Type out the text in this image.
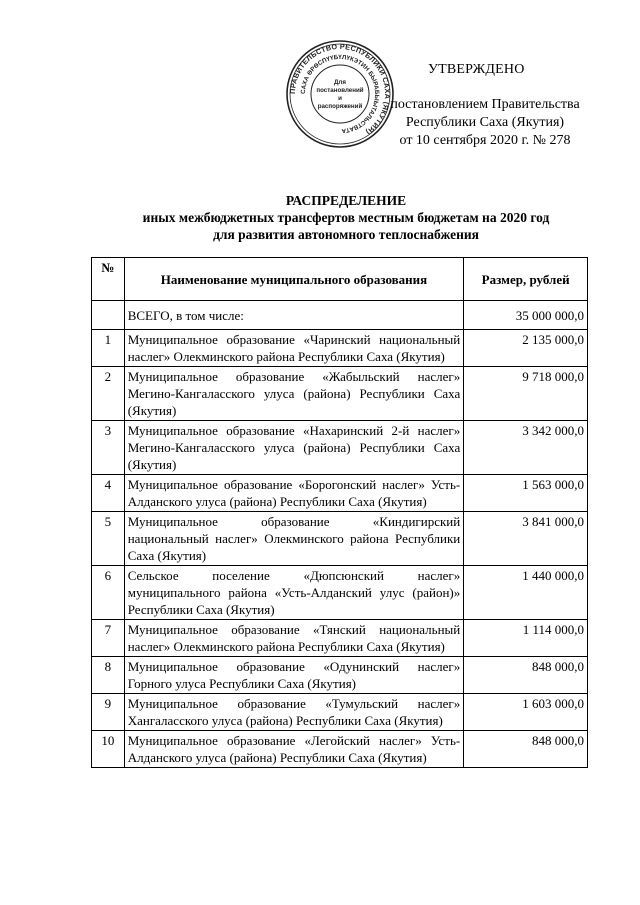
ПРАВИТЕЛЬСТВО РЕСПУБЛИКИ САХА (ЯКУТИЯ)
САХА ӨРӨСПҮҮБҮЛҮКЭТИН БЫРАБЫЫТАЛЬСТВАТА
Для постановлений и распоряжений
УТВЕРЖДЕНО
постановлением Правительства
Республики Саха (Якутия)
от 10 сентября 2020 г. № 278
РАСПРЕДЕЛЕНИЕ
иных межбюджетных трансфертов местным бюджетам на 2020 год
для развития автономного теплоснабжения
№	Наименование муниципального образования	Размер, рублей
	ВСЕГО, в том числе:	35 000 000,0
1	Муниципальное образование «Чаринский национальный наслег» Олекминского района Республики Саха (Якутия)	2 135 000,0
2	Муниципальное образование «Жабыльский наслег» Мегино-Кангаласского улуса (района) Республики Саха (Якутия)	9 718 000,0
3	Муниципальное образование «Нахаринский 2-й наслег» Мегино-Кангаласского улуса (района) Республики Саха (Якутия)	3 342 000,0
4	Муниципальное образование «Борогонский наслег» Усть-Алданского улуса (района) Республики Саха (Якутия)	1 563 000,0
5	Муниципальное образование «Киндигирский национальный наслег» Олекминского района Республики Саха (Якутия)	3 841 000,0
6	Сельское поселение «Дюпсюнский наслег» муниципального района «Усть-Алданский улус (район)» Республики Саха (Якутия)	1 440 000,0
7	Муниципальное образование «Тянский национальный наслег» Олекминского района Республики Саха (Якутия)	1 114 000,0
8	Муниципальное образование «Одунинский наслег» Горного улуса Республики Саха (Якутия)	848 000,0
9	Муниципальное образование «Тумульский наслег» Хангаласского улуса (района) Республики Саха (Якутия)	1 603 000,0
10	Муниципальное образование «Легойский наслег» Усть-Алданского улуса (района) Республики Саха (Якутия)	848 000,0
